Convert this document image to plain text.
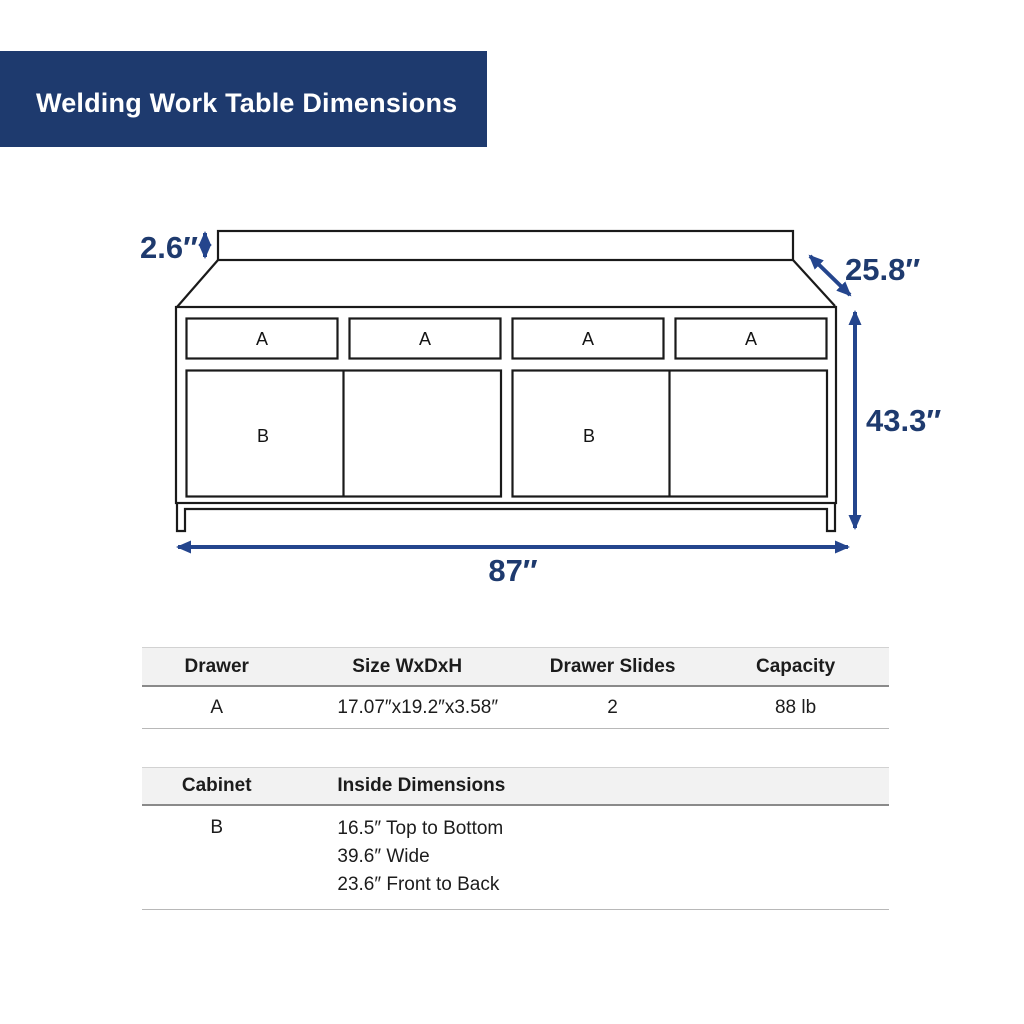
Welding Work Table Dimensions
A	A	A	A
B	B
2.6″
25.8″
43.3″
87″
Drawer	Size WxDxH	Drawer Slides	Capacity
A	17.07″x19.2″x3.58″	2	88 lb
Cabinet	Inside Dimensions
B	16.5″ Top to Bottom
39.6″ Wide
23.6″ Front to Back
